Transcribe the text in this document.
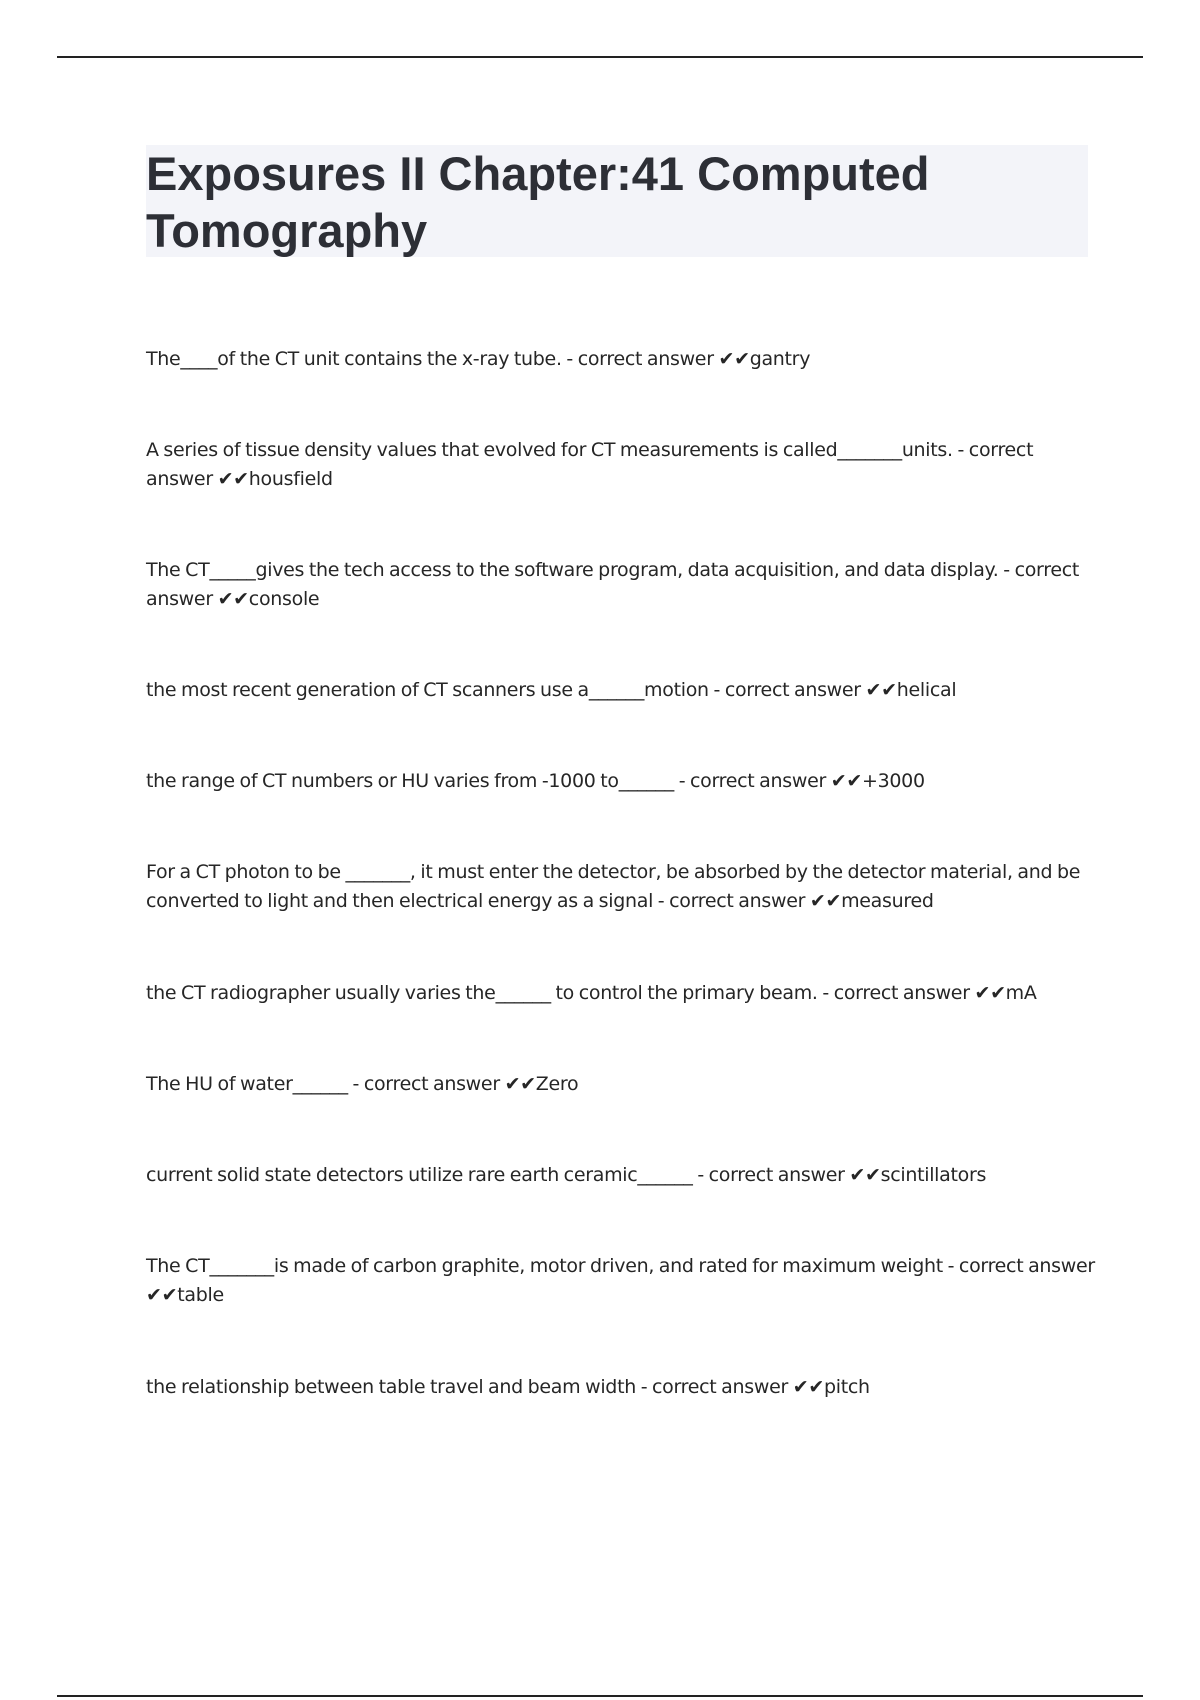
Exposures II Chapter:41 Computed Tomography
The____of the CT unit contains the x-ray tube. - correct answer ✔✔gantry
A series of tissue density values that evolved for CT measurements is called_______units. - correct answer ✔✔housfield
The CT_____gives the tech access to the software program, data acquisition, and data display. - correct answer ✔✔console
the most recent generation of CT scanners use a______motion - correct answer ✔✔helical
the range of CT numbers or HU varies from -1000 to______ - correct answer ✔✔+3000
For a CT photon to be _______, it must enter the detector, be absorbed by the detector material, and be converted to light and then electrical energy as a signal - correct answer ✔✔measured
the CT radiographer usually varies the______ to control the primary beam. - correct answer ✔✔mA
The HU of water______ - correct answer ✔✔Zero
current solid state detectors utilize rare earth ceramic______ - correct answer ✔✔scintillators
The CT_______is made of carbon graphite, motor driven, and rated for maximum weight - correct answer ✔✔table
the relationship between table travel and beam width - correct answer ✔✔pitch
